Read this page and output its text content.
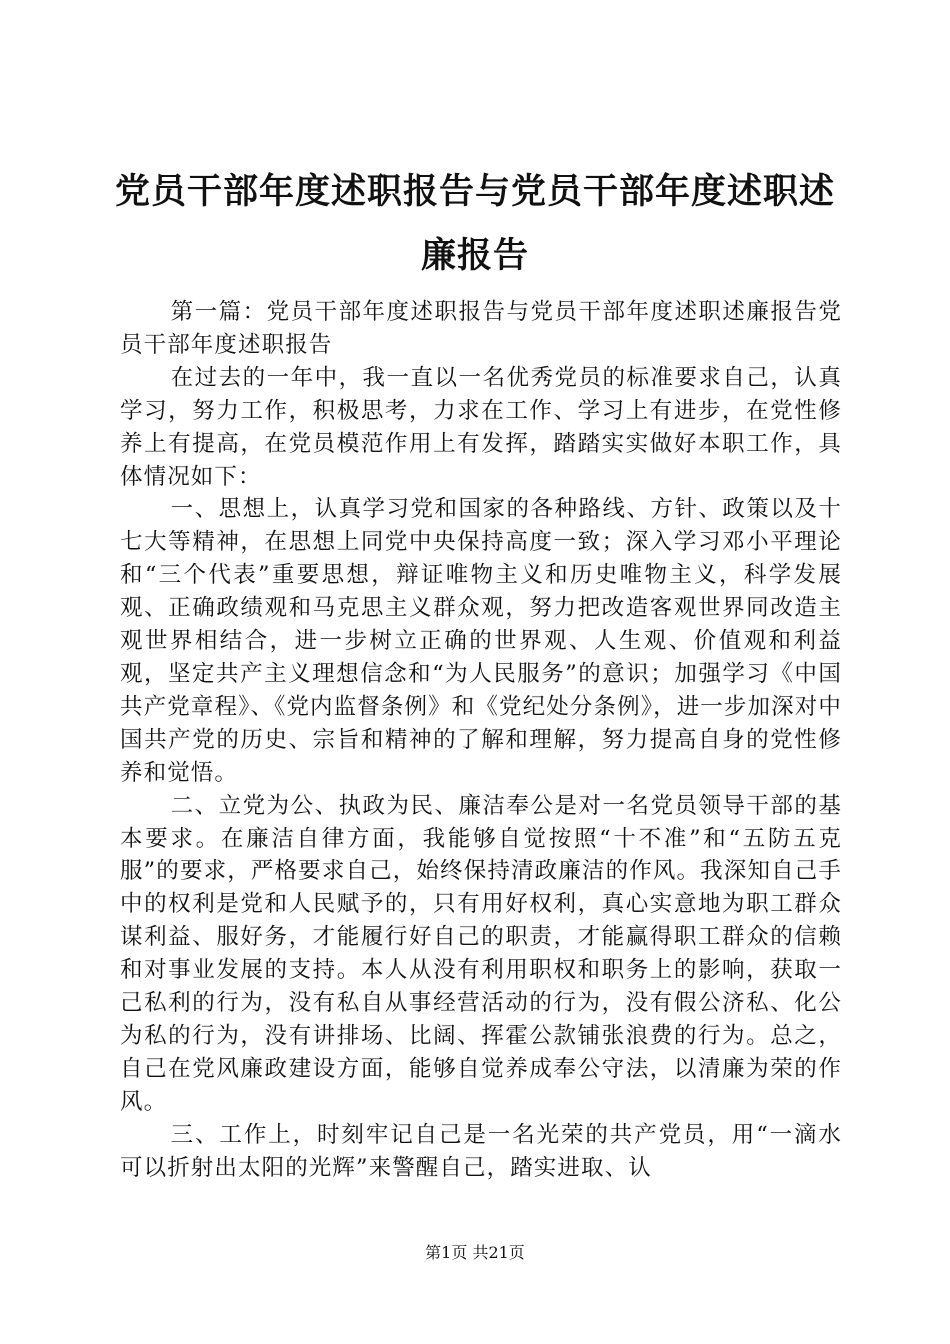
党员干部年度述职报告与党员干部年度述职述廉报告

第一篇：党员干部年度述职报告与党员干部年度述职述廉报告党员干部年度述职报告

在过去的一年中，我一直以一名优秀党员的标准要求自己，认真学习，努力工作，积极思考，力求在工作、学习上有进步，在党性修养上有提高，在党员模范作用上有发挥，踏踏实实做好本职工作，具体情况如下：

一、思想上，认真学习党和国家的各种路线、方针、政策以及十七大等精神，在思想上同党中央保持高度一致；深入学习邓小平理论和“三个代表”重要思想，辩证唯物主义和历史唯物主义，科学发展观、正确政绩观和马克思主义群众观，努力把改造客观世界同改造主观世界相结合，进一步树立正确的世界观、人生观、价值观和利益观，坚定共产主义理想信念和“为人民服务”的意识；加强学习《中国共产党章程》、《党内监督条例》和《党纪处分条例》，进一步加深对中国共产党的历史、宗旨和精神的了解和理解，努力提高自身的党性修养和觉悟。

二、立党为公、执政为民、廉洁奉公是对一名党员领导干部的基本要求。在廉洁自律方面，我能够自觉按照“十不准”和“五防五克服”的要求，严格要求自己，始终保持清政廉洁的作风。我深知自己手中的权利是党和人民赋予的，只有用好权利，真心实意地为职工群众谋利益、服好务，才能履行好自己的职责，才能赢得职工群众的信赖和对事业发展的支持。本人从没有利用职权和职务上的影响，获取一己私利的行为，没有私自从事经营活动的行为，没有假公济私、化公为私的行为，没有讲排场、比阔、挥霍公款铺张浪费的行为。总之，自己在党风廉政建设方面，能够自觉养成奉公守法，以清廉为荣的作风。

三、工作上，时刻牢记自己是一名光荣的共产党员，用“一滴水可以折射出太阳的光辉”来警醒自己，踏实进取、认

第1页 共21页
